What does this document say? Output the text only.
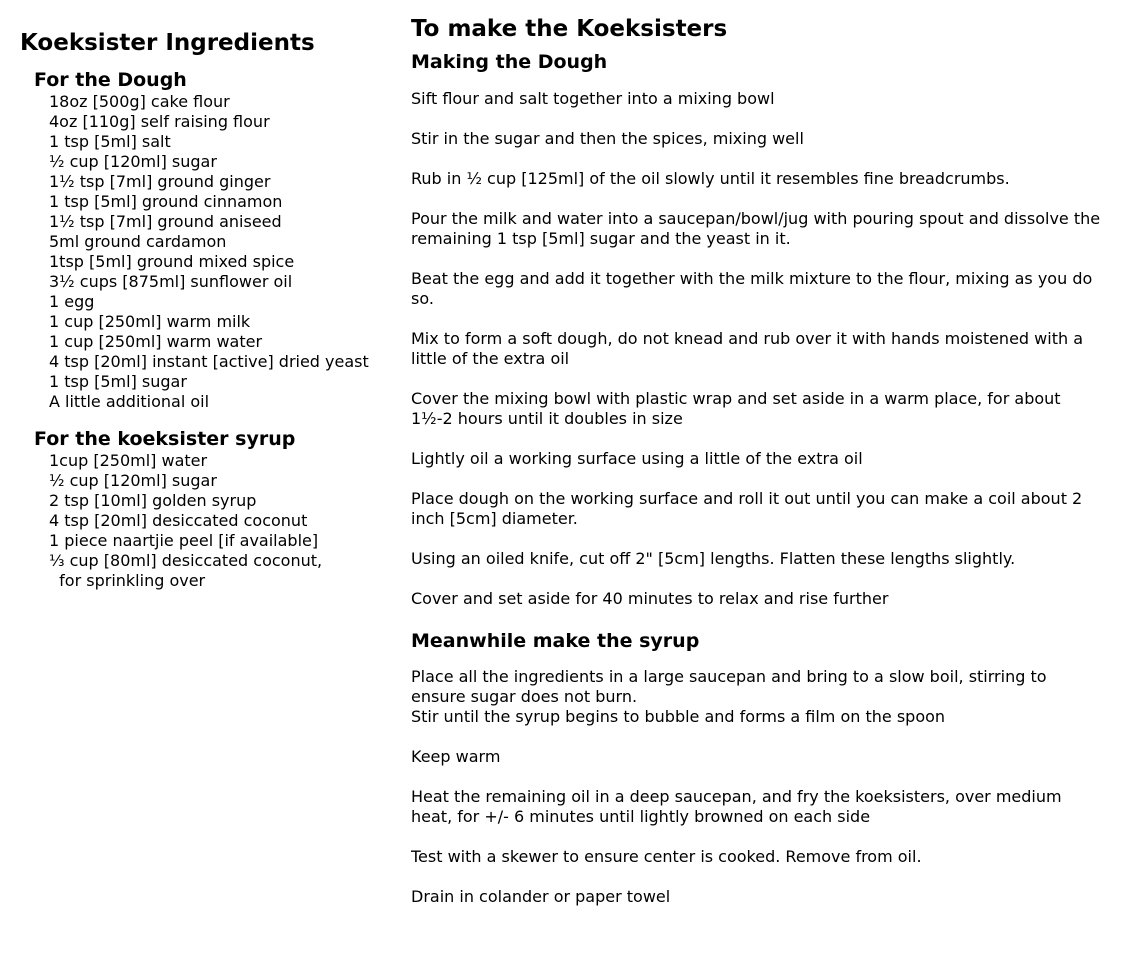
Koeksister Ingredients
For the Dough
18oz [500g] cake flour
4oz [110g] self raising flour
1 tsp [5ml] salt
½ cup [120ml] sugar
1½ tsp [7ml] ground ginger
1 tsp [5ml] ground cinnamon
1½ tsp [7ml] ground aniseed
5ml ground cardamon
1tsp [5ml] ground mixed spice
3½ cups [875ml] sunflower oil
1 egg
1 cup [250ml] warm milk
1 cup [250ml] warm water
4 tsp [20ml] instant [active] dried yeast
1 tsp [5ml] sugar
A little additional oil
For the koeksister syrup
1cup [250ml] water
½ cup [120ml] sugar
2 tsp [10ml] golden syrup
4 tsp [20ml] desiccated coconut
1 piece naartjie peel [if available]
⅓ cup [80ml] desiccated coconut,
for sprinkling over
To make the Koeksisters
Making the Dough

Sift flour and salt together into a mixing bowl

Stir in the sugar and then the spices, mixing well

Rub in ½ cup [125ml] of the oil slowly until it resembles fine breadcrumbs.

Pour the milk and water into a saucepan/bowl/jug with pouring spout and dissolve the
remaining 1 tsp [5ml] sugar and the yeast in it.

Beat the egg and add it together with the milk mixture to the flour, mixing as you do
so.

Mix to form a soft dough, do not knead and rub over it with hands moistened with a
little of the extra oil

Cover the mixing bowl with plastic wrap and set aside in a warm place, for about
1½-2 hours until it doubles in size

Lightly oil a working surface using a little of the extra oil

Place dough on the working surface and roll it out until you can make a coil about 2
inch [5cm] diameter.

Using an oiled knife, cut off 2" [5cm] lengths. Flatten these lengths slightly.

Cover and set aside for 40 minutes to relax and rise further

Meanwhile make the syrup

Place all the ingredients in a large saucepan and bring to a slow boil, stirring to
ensure sugar does not burn.
Stir until the syrup begins to bubble and forms a film on the spoon

Keep warm

Heat the remaining oil in a deep saucepan, and fry the koeksisters, over medium
heat, for +/- 6 minutes until lightly browned on each side

Test with a skewer to ensure center is cooked. Remove from oil.

Drain in colander or paper towel
